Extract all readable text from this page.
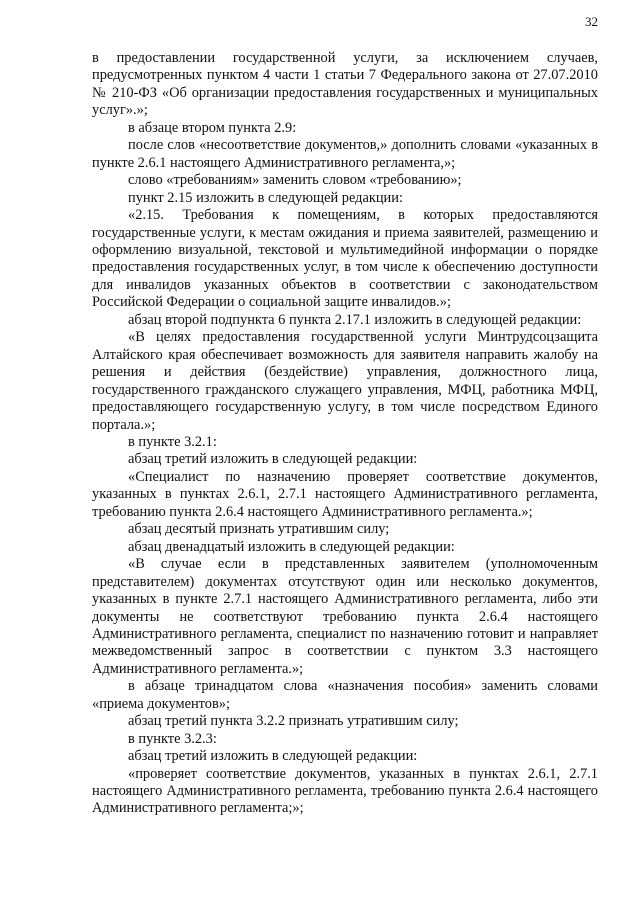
32

в предоставлении государственной услуги, за исключением случаев, предусмотренных пунктом 4 части 1 статьи 7 Федерального закона от 27.07.2010 № 210-ФЗ «Об организации предоставления государственных и муниципальных услуг».»;

в абзаце втором пункта 2.9:

после слов «несоответствие документов,» дополнить словами «указанных в пункте 2.6.1 настоящего Административного регламента,»;

слово «требованиям» заменить словом «требованию»;

пункт 2.15 изложить в следующей редакции:

«2.15. Требования к помещениям, в которых предоставляются государственные услуги, к местам ожидания и приема заявителей, размещению и оформлению визуальной, текстовой и мультимедийной информации о порядке предоставления государственных услуг, в том числе к обеспечению доступности для инвалидов указанных объектов в соответствии с законодательством Российской Федерации о социальной защите инвалидов.»;

абзац второй подпункта 6 пункта 2.17.1 изложить в следующей редакции:

«В целях предоставления государственной услуги Минтрудсоцзащита Алтайского края обеспечивает возможность для заявителя направить жалобу на решения и действия (бездействие) управления, должностного лица, государственного гражданского служащего управления, МФЦ, работника МФЦ, предоставляющего государственную услугу, в том числе посредством Единого портала.»;

в пункте 3.2.1:

абзац третий изложить в следующей редакции:

«Специалист по назначению проверяет соответствие документов, указанных в пунктах 2.6.1, 2.7.1 настоящего Административного регламента, требованию пункта 2.6.4 настоящего Административного регламента.»;

абзац десятый признать утратившим силу;

абзац двенадцатый изложить в следующей редакции:

«В случае если в представленных заявителем (уполномоченным представителем) документах отсутствуют один или несколько документов, указанных в пункте 2.7.1 настоящего Административного регламента, либо эти документы не соответствуют требованию пункта 2.6.4 настоящего Административного регламента, специалист по назначению готовит и направляет межведомственный запрос в соответствии с пунктом 3.3 настоящего Административного регламента.»;

в абзаце тринадцатом слова «назначения пособия» заменить словами «приема документов»;

абзац третий пункта 3.2.2 признать утратившим силу;

в пункте 3.2.3:

абзац третий изложить в следующей редакции:

«проверяет соответствие документов, указанных в пунктах 2.6.1, 2.7.1 настоящего Административного регламента, требованию пункта 2.6.4 настоящего Административного регламента;»;
